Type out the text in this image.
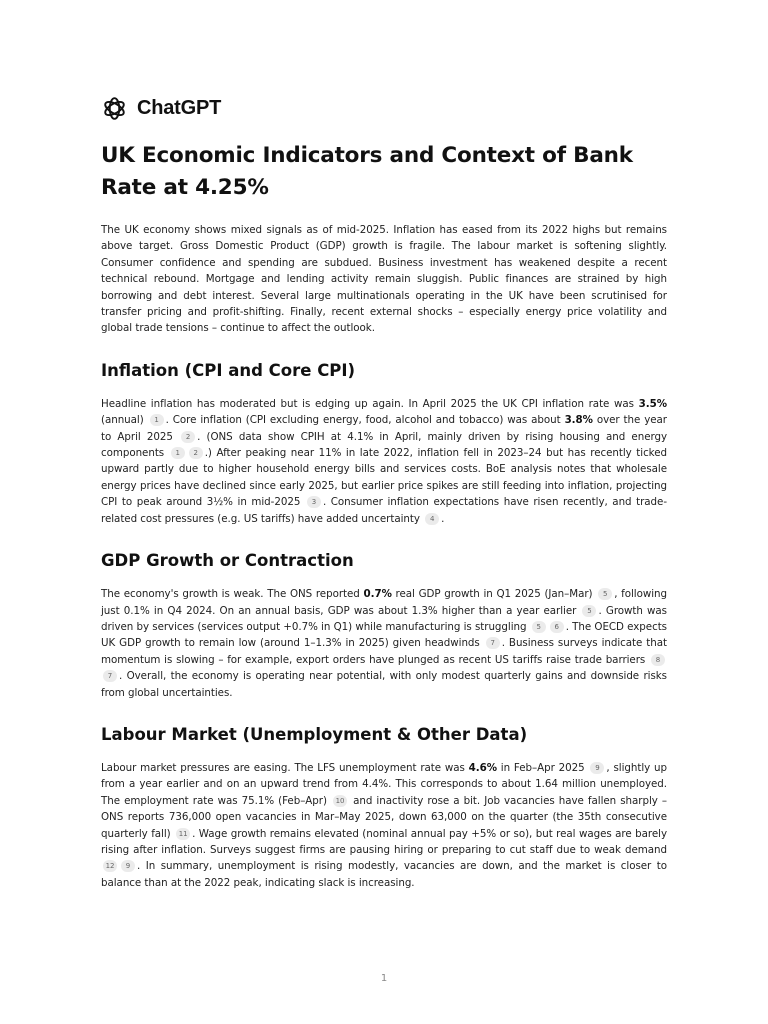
ChatGPT
UK Economic Indicators and Context of Bank Rate at 4.25%

The UK economy shows mixed signals as of mid-2025. Inflation has eased from its 2022 highs but remains above target. Gross Domestic Product (GDP) growth is fragile. The labour market is softening slightly. Consumer confidence and spending are subdued. Business investment has weakened despite a recent technical rebound. Mortgage and lending activity remain sluggish. Public finances are strained by high borrowing and debt interest. Several large multinationals operating in the UK have been scrutinised for transfer pricing and profit-shifting. Finally, recent external shocks – especially energy price volatility and global trade tensions – continue to affect the outlook.

Inflation (CPI and Core CPI)

Headline inflation has moderated but is edging up again. In April 2025 the UK CPI inflation rate was 3.5% (annual) 1 . Core inflation (CPI excluding energy, food, alcohol and tobacco) was about 3.8% over the year to April 2025 2 . (ONS data show CPIH at 4.1% in April, mainly driven by rising housing and energy components 1 2 .) After peaking near 11% in late 2022, inflation fell in 2023–24 but has recently ticked upward partly due to higher household energy bills and services costs. BoE analysis notes that wholesale energy prices have declined since early 2025, but earlier price spikes are still feeding into inflation, projecting CPI to peak around 3½% in mid-2025 3 . Consumer inflation expectations have risen recently, and trade-related cost pressures (e.g. US tariffs) have added uncertainty 4 .

GDP Growth or Contraction

The economy's growth is weak. The ONS reported 0.7% real GDP growth in Q1 2025 (Jan–Mar) 5 , following just 0.1% in Q4 2024. On an annual basis, GDP was about 1.3% higher than a year earlier 5 . Growth was driven by services (services output +0.7% in Q1) while manufacturing is struggling 5 6 . The OECD expects UK GDP growth to remain low (around 1–1.3% in 2025) given headwinds 7 . Business surveys indicate that momentum is slowing – for example, export orders have plunged as recent US tariffs raise trade barriers 87 . Overall, the economy is operating near potential, with only modest quarterly gains and downside risks from global uncertainties.

Labour Market (Unemployment & Other Data)

Labour market pressures are easing. The LFS unemployment rate was 4.6% in Feb–Apr 2025 9 , slightly up from a year earlier and on an upward trend from 4.4%. This corresponds to about 1.64 million unemployed. The employment rate was 75.1% (Feb–Apr) 10 and inactivity rose a bit. Job vacancies have fallen sharply – ONS reports 736,000 open vacancies in Mar–May 2025, down 63,000 on the quarter (the 35th consecutive quarterly fall) 11 . Wage growth remains elevated (nominal annual pay +5% or so), but real wages are barely rising after inflation. Surveys suggest firms are pausing hiring or preparing to cut staff due to weak demand 12 9 . In summary, unemployment is rising modestly, vacancies are down, and the market is closer to balance than at the 2022 peak, indicating slack is increasing.

1
